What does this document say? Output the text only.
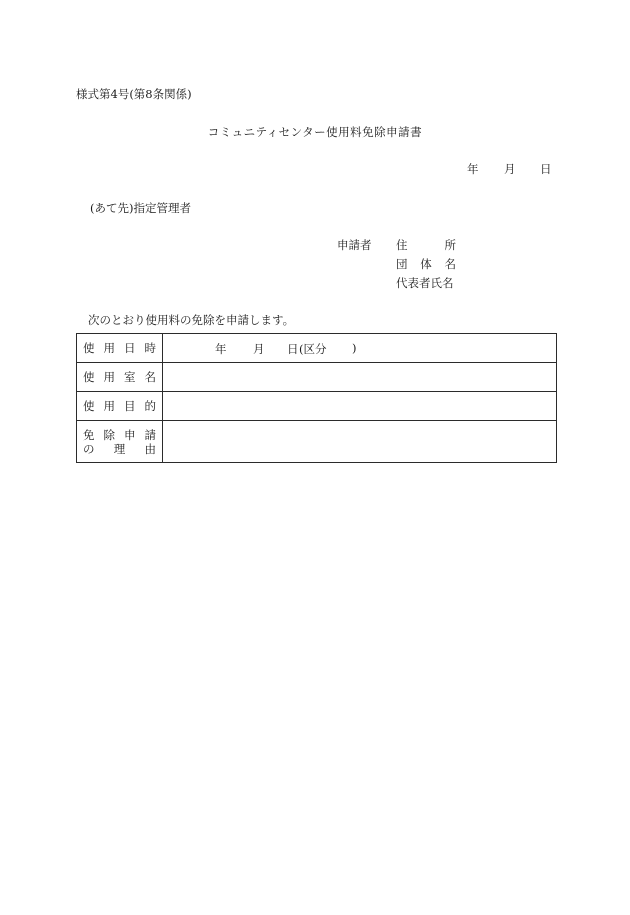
様式第4号(第8条関係)
コミュニティセンター使用料免除申請書
年 月 日
(あて先)指定管理者
申請者 住所
団体名
代表者氏名
次のとおり使用料の免除を申請します。
使用日時	年 月 日 (区分 )

使用室名	

使用目的	

免除申請
の理由	
